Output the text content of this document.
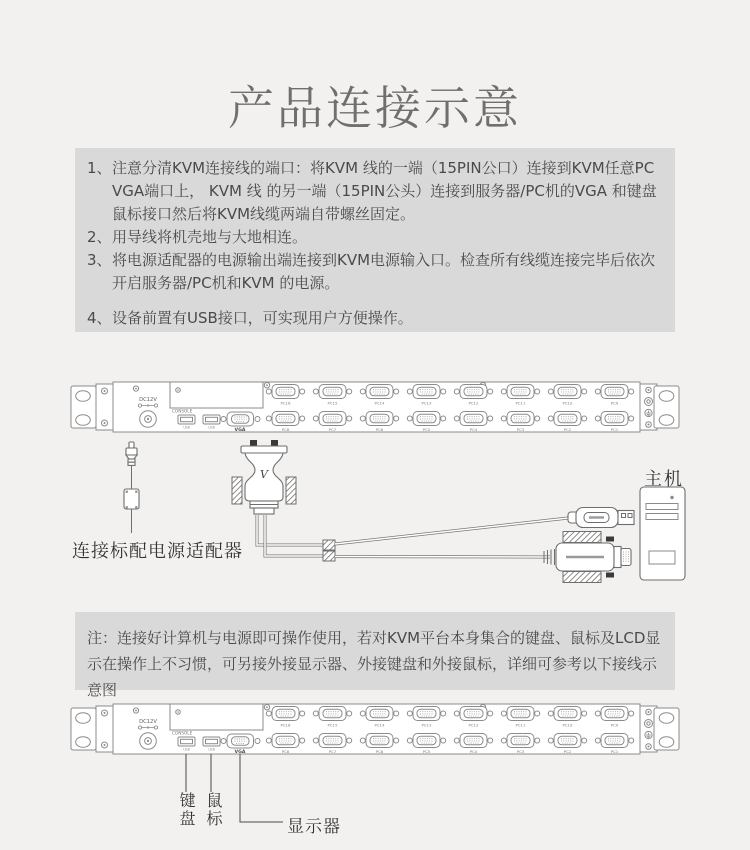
产品连接示意
1、 注意分清KVM连接线的端口：将KVM 线的一端（15PIN公口）连接到KVM任意PC VGA端口上， KVM 线 的另一端（15PIN公头）连接到服务器/PC机的VGA 和键盘鼠标接口然后将KVM线缆两端自带螺丝固定。
2、 用导线将机壳地与大地相连。
3、 将电源适配器的电源输出端连接到KVM电源输入口。检查所有线缆连接完毕后依次开启服务器/PC机和KVM 的电源。
4、 设备前置有USB接口，可实现用户方便操作。
DC12V
CONSOLE
USB	USB
VGA
PC16	PC15	PC14	PC13	PC12	PC11	PC10	PC9
PC8	PC7	PC6	PC5	PC4	PC3	PC2	PC1
V
连接标配电源适配器
主机
注：连接好计算机与电源即可操作使用，若对KVM平台本身集合的键盘、鼠标及LCD显示在操作上不习惯，可另接外接显示器、外接键盘和外接鼠标，详细可参考以下接线示意图
DC12V
CONSOLE
USB	USB
VGA
PC16	PC15	PC14	PC13	PC12	PC11	PC10	PC9
PC8	PC7	PC6	PC5	PC4	PC3	PC2	PC1
键盘 鼠标	显示器
